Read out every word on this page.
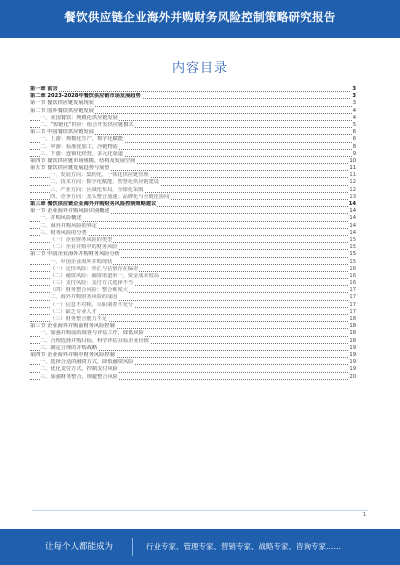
餐饮供应链企业海外并购财务风险控制策略研究报告
内容目录
第一章 前言	3
第二章 2023-2028年餐饮供应链市场发展趋势	3
第一节 餐饮供应链发展现状	3
第二节 国外餐饮供应链发展	4
一、美国餐饮：规模化供应链发展	4
二、“短链化”供应：组合开发供应链模式	5
第三节 中国餐饮供应链发展	6
一、上游：规模化生产，数字化赋能	6
二、中游：标准化加工，冷链物流	8
三、下游：连锁化经营，多元化渠道	9
第四节 餐饮供应链市场规模、结构及发展空间	10
第五节 餐饮供应链发展趋势与展望	11
一、发展方向：集约化、一体化供应链管理	11
二、技术方向：数字化赋能，智慧化供应链建设	12
三、产业方向：区域化布局，全球化采购	12
四、竞争方向：龙头整合加速，品牌化与全链化协同	13
第三章 餐饮供应链企业海外并购财务风险控制策略建议	14
第一节 企业海外并购风险识别概述	14
一、并购风险概述	14
二、海外并购风险的界定	14
三、财务风险的分类	14
（一）企业财务风险的类型	15
（二）企业并购中的财务风险	15
第二节 中国企业海外并购财务风险分析	15
一、中国企业海外并购现状	15
（一）定价风险：外汇与估值存在偏差	16
（二）融资风险：融资渠道单一，资金成本较高	16
（三）支付风险：支付方式选择不当	16
（四）财务整合风险：整合难度大	17
二、海外并购财务风险的成因	17
（一）信息不对称，尽职调查不充分	17
（二）缺乏专业人才	17
（三）财务整合能力不足	18
第三节 企业海外并购前财务风险控制	18
一、加强并购前的调查与评估工作，降低风险	18
二、合理选择并购目标，科学评估目标企业价值	18
三、制定合理的并购战略	19
第四节 企业海外并购中财务风险控制	19
一、选择合适的融资方式，降低融资风险	19
二、优化支付方式，控制支付风险	19
三、加强财务整合，规避整合风险	20
1
让每个人都能成为	行业专家、管理专家、营销专家、战略专家、咨询专家……
